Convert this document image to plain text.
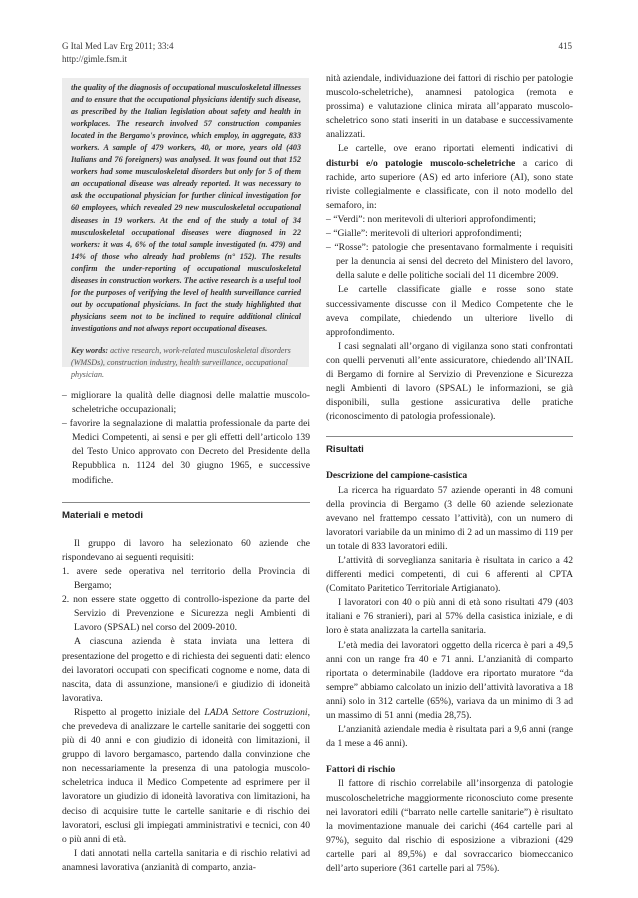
G Ital Med Lav Erg 2011; 33:4
http://gimle.fsm.it
415

the quality of the diagnosis of occupational musculoskeletal illnesses and to ensure that the occupational physicians identify such disease, as prescribed by the Italian legislation about safety and health in workplaces. The research involved 57 construction companies located in the Bergamo's province, which employ, in aggregate, 833 workers. A sample of 479 workers, 40, or more, years old (403 Italians and 76 foreigners) was analysed. It was found out that 152 workers had some musculoskeletal disorders but only for 5 of them an occupational disease was already reported. It was necessary to ask the occupational physician for further clinical investigation for 60 employees, which revealed 29 new musculoskeletal occupational diseases in 19 workers. At the end of the study a total of 34 musculoskeletal occupational diseases were diagnosed in 22 workers: it was 4, 6% of the total sample investigated (n. 479) and 14% of those who already had problems (n° 152). The results confirm the under-reporting of occupational musculoskeletal diseases in construction workers. The active research is a useful tool for the purposes of verifying the level of health surveillance carried out by occupational physicians. In fact the study highlighted that physicians seem not to be inclined to require additional clinical investigations and not always report occupational diseases.

Key words: active research, work-related musculoskeletal disorders (WMSDs), construction industry, health surveillance, occupational physician.

– migliorare la qualità delle diagnosi delle malattie muscolo-scheletriche occupazionali;

– favorire la segnalazione di malattia professionale da parte dei Medici Competenti, ai sensi e per gli effetti dell’articolo 139 del Testo Unico approvato con Decreto del Presidente della Repubblica n. 1124 del 30 giugno 1965, e successive modifiche.

Materiali e metodi

Il gruppo di lavoro ha selezionato 60 aziende che rispondevano ai seguenti requisiti:

1. avere sede operativa nel territorio della Provincia di Bergamo;

2. non essere state oggetto di controllo-ispezione da parte del Servizio di Prevenzione e Sicurezza negli Ambienti di Lavoro (SPSAL) nel corso del 2009-2010.

A ciascuna azienda è stata inviata una lettera di presentazione del progetto e di richiesta dei seguenti dati: elenco dei lavoratori occupati con specificati cognome e nome, data di nascita, data di assunzione, mansione/i e giudizio di idoneità lavorativa.

Rispetto al progetto iniziale del LADA Settore Costruzioni, che prevedeva di analizzare le cartelle sanitarie dei soggetti con più di 40 anni e con giudizio di idoneità con limitazioni, il gruppo di lavoro bergamasco, partendo dalla convinzione che non necessariamente la presenza di una patologia muscolo-scheletrica induca il Medico Competente ad esprimere per il lavoratore un giudizio di idoneità lavorativa con limitazioni, ha deciso di acquisire tutte le cartelle sanitarie e di rischio dei lavoratori, esclusi gli impiegati amministrativi e tecnici, con 40 o più anni di età.

I dati annotati nella cartella sanitaria e di rischio relativi ad anamnesi lavorativa (anzianità di comparto, anzia-

nità aziendale, individuazione dei fattori di rischio per patologie muscolo-scheletriche), anamnesi patologica (remota e prossima) e valutazione clinica mirata all’apparato muscolo-scheletrico sono stati inseriti in un database e successivamente analizzati.

Le cartelle, ove erano riportati elementi indicativi di disturbi e/o patologie muscolo-scheletriche a carico di rachide, arto superiore (AS) ed arto inferiore (AI), sono state riviste collegialmente e classificate, con il noto modello del semaforo, in:

– “Verdi”: non meritevoli di ulteriori approfondimenti;

– “Gialle”: meritevoli di ulteriori approfondimenti;

– “Rosse”: patologie che presentavano formalmente i requisiti per la denuncia ai sensi del decreto del Ministero del lavoro, della salute e delle politiche sociali del 11 dicembre 2009.

Le cartelle classificate gialle e rosse sono state successivamente discusse con il Medico Competente che le aveva compilate, chiedendo un ulteriore livello di approfondimento.

I casi segnalati all’organo di vigilanza sono stati confrontati con quelli pervenuti all’ente assicuratore, chiedendo all’INAIL di Bergamo di fornire al Servizio di Prevenzione e Sicurezza negli Ambienti di lavoro (SPSAL) le informazioni, se già disponibili, sulla gestione assicurativa delle pratiche (riconoscimento di patologia professionale).

Risultati

Descrizione del campione-casistica

La ricerca ha riguardato 57 aziende operanti in 48 comuni della provincia di Bergamo (3 delle 60 aziende selezionate avevano nel frattempo cessato l’attività), con un numero di lavoratori variabile da un minimo di 2 ad un massimo di 119 per un totale di 833 lavoratori edili.

L’attività di sorveglianza sanitaria è risultata in carico a 42 differenti medici competenti, di cui 6 afferenti al CPTA (Comitato Paritetico Territoriale Artigianato).

I lavoratori con 40 o più anni di età sono risultati 479 (403 italiani e 76 stranieri), pari al 57% della casistica iniziale, e di loro è stata analizzata la cartella sanitaria.

L’età media dei lavoratori oggetto della ricerca è pari a 49,5 anni con un range fra 40 e 71 anni. L’anzianità di comparto riportata o determinabile (laddove era riportato muratore “da sempre” abbiamo calcolato un inizio dell’attività lavorativa a 18 anni) solo in 312 cartelle (65%), variava da un minimo di 3 ad un massimo di 51 anni (media 28,75).

L’anzianità aziendale media è risultata pari a 9,6 anni (range da 1 mese a 46 anni).

Fattori di rischio

Il fattore di rischio correlabile all’insorgenza di patologie muscoloscheletriche maggiormente riconosciuto come presente nei lavoratori edili (“barrato nelle cartelle sanitarie”) è risultato la movimentazione manuale dei carichi (464 cartelle pari al 97%), seguito dal rischio di esposizione a vibrazioni (429 cartelle pari al 89,5%) e dal sovraccarico biomeccanico dell’arto superiore (361 cartelle pari al 75%).
